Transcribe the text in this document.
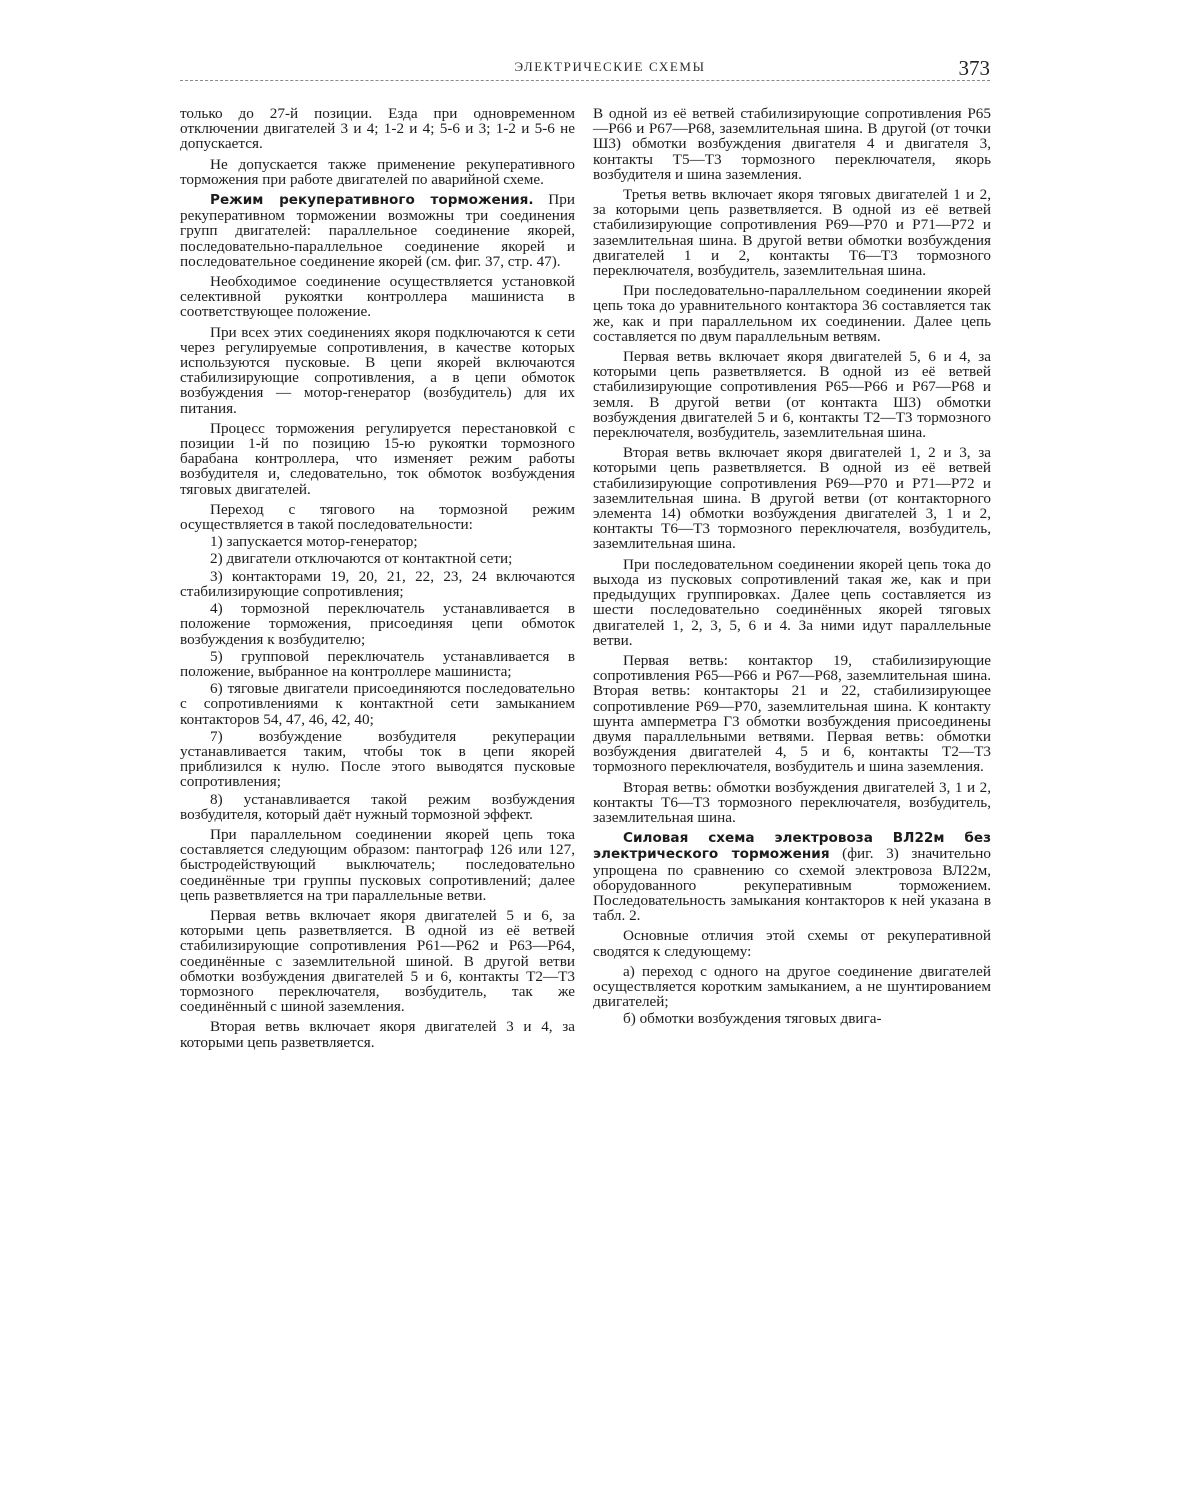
ЭЛЕКТРИЧЕСКИЕ СХЕМЫ	373

только до 27-й позиции. Езда при одновременном отключении двигателей 3 и 4; 1-2 и 4; 5-6 и 3; 1-2 и 5-6 не допускается.

Не допускается также применение рекуперативного торможения при работе двигателей по аварийной схеме.

Режим рекуперативного торможения. При рекуперативном торможении возможны три соединения групп двигателей: параллельное соединение якорей, последовательно-параллельное соединение якорей и последовательное соединение якорей (см. фиг. 37, стр. 47).

Необходимое соединение осуществляется установкой селективной рукоятки контроллера машиниста в соответствующее положение.

При всех этих соединениях якоря подключаются к сети через регулируемые сопротивления, в качестве которых используются пусковые. В цепи якорей включаются стабилизирующие сопротивления, а в цепи обмоток возбуждения — мотор-генератор (возбудитель) для их питания.

Процесс торможения регулируется перестановкой с позиции 1-й по позицию 15-ю рукоятки тормозного барабана контроллера, что изменяет режим работы возбудителя и, следовательно, ток обмоток возбуждения тяговых двигателей.

Переход с тягового на тормозной режим осуществляется в такой последовательности:

1) запускается мотор-генератор;

2) двигатели отключаются от контактной сети;

3) контакторами 19, 20, 21, 22, 23, 24 включаются стабилизирующие сопротивления;

4) тормозной переключатель устанавливается в положение торможения, присоединяя цепи обмоток возбуждения к возбудителю;

5) групповой переключатель устанавливается в положение, выбранное на контроллере машиниста;

6) тяговые двигатели присоединяются последовательно с сопротивлениями к контактной сети замыканием контакторов 54, 47, 46, 42, 40;

7) возбуждение возбудителя рекуперации устанавливается таким, чтобы ток в цепи якорей приблизился к нулю. После этого выводятся пусковые сопротивления;

8) устанавливается такой режим возбуждения возбудителя, который даёт нужный тормозной эффект.

При параллельном соединении якорей цепь тока составляется следующим образом: пантограф 126 или 127, быстродействующий выключатель; последовательно соединённые три группы пусковых сопротивлений; далее цепь разветвляется на три параллельные ветви.

Первая ветвь включает якоря двигателей 5 и 6, за которыми цепь разветвляется. В одной из её ветвей стабилизирующие сопротивления Р61—Р62 и Р63—Р64, соединённые с заземлительной шиной. В другой ветви обмотки возбуждения двигателей 5 и 6, контакты Т2—Т3 тормозного переключателя, возбудитель, так же соединённый с шиной заземления.

Вторая ветвь включает якоря двигателей 3 и 4, за которыми цепь разветвляется.

В одной из её ветвей стабилизирующие сопротивления Р65—Р66 и Р67—Р68, заземлительная шина. В другой (от точки Ш3) обмотки возбуждения двигателя 4 и двигателя 3, контакты Т5—Т3 тормозного переключателя, якорь возбудителя и шина заземления.

Третья ветвь включает якоря тяговых двигателей 1 и 2, за которыми цепь разветвляется. В одной из её ветвей стабилизирующие сопротивления Р69—Р70 и Р71—Р72 и заземлительная шина. В другой ветви обмотки возбуждения двигателей 1 и 2, контакты Т6—Т3 тормозного переключателя, возбудитель, заземлительная шина.

При последовательно-параллельном соединении якорей цепь тока до уравнительного контактора 36 составляется так же, как и при параллельном их соединении. Далее цепь составляется по двум параллельным ветвям.

Первая ветвь включает якоря двигателей 5, 6 и 4, за которыми цепь разветвляется. В одной из её ветвей стабилизирующие сопротивления Р65—Р66 и Р67—Р68 и земля. В другой ветви (от контакта Ш3) обмотки возбуждения двигателей 5 и 6, контакты Т2—Т3 тормозного переключателя, возбудитель, заземлительная шина.

Вторая ветвь включает якоря двигателей 1, 2 и 3, за которыми цепь разветвляется. В одной из её ветвей стабилизирующие сопротивления Р69—Р70 и Р71—Р72 и заземлительная шина. В другой ветви (от контакторного элемента 14) обмотки возбуждения двигателей 3, 1 и 2, контакты Т6—Т3 тормозного переключателя, возбудитель, заземлительная шина.

При последовательном соединении якорей цепь тока до выхода из пусковых сопротивлений такая же, как и при предыдущих группировках. Далее цепь составляется из шести последовательно соединённых якорей тяговых двигателей 1, 2, 3, 5, 6 и 4. За ними идут параллельные ветви.

Первая ветвь: контактор 19, стабилизирующие сопротивления Р65—Р66 и Р67—Р68, заземлительная шина. Вторая ветвь: контакторы 21 и 22, стабилизирующее сопротивление Р69—Р70, заземлительная шина. К контакту шунта амперметра Г3 обмотки возбуждения присоединены двумя параллельными ветвями. Первая ветвь: обмотки возбуждения двигателей 4, 5 и 6, контакты Т2—Т3 тормозного переключателя, возбудитель и шина заземления.

Вторая ветвь: обмотки возбуждения двигателей 3, 1 и 2, контакты Т6—Т3 тормозного переключателя, возбудитель, заземлительная шина.

Силовая схема электровоза ВЛ22м без электрического торможения (фиг. 3) значительно упрощена по сравнению со схемой электровоза ВЛ22м, оборудованного рекуперативным торможением. Последовательность замыкания контакторов к ней указана в табл. 2.

Основные отличия этой схемы от рекуперативной сводятся к следующему:

а) переход с одного на другое соединение двигателей осуществляется коротким замыканием, а не шунтированием двигателей;

б) обмотки возбуждения тяговых двига-
